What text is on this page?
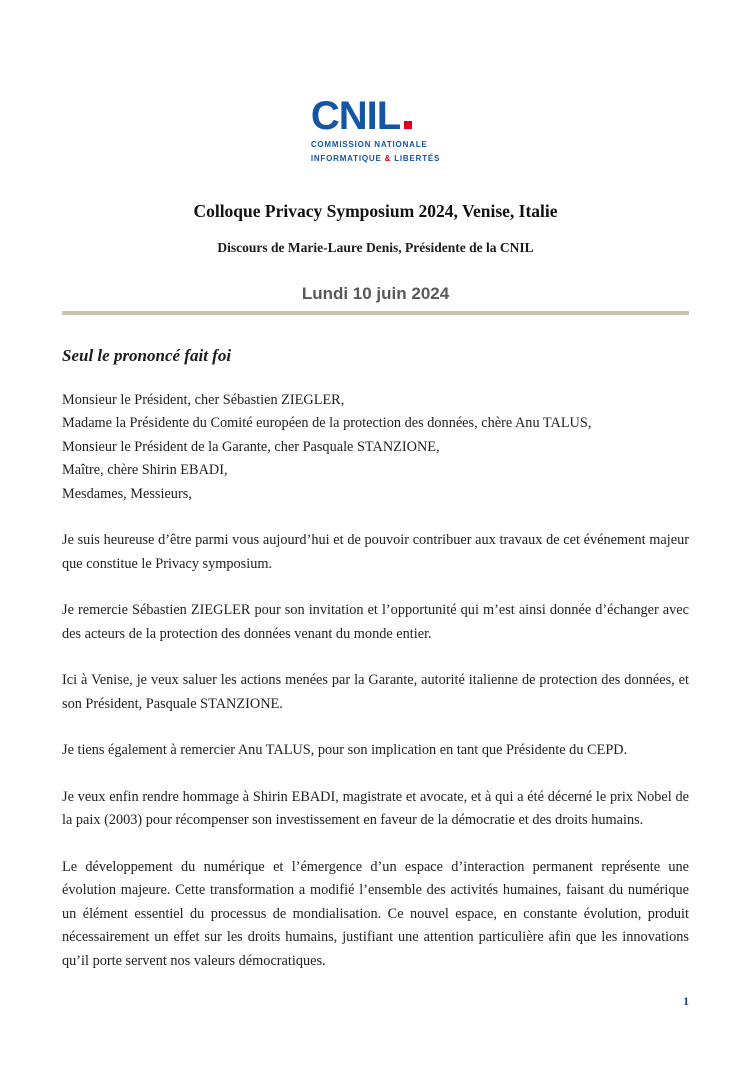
CNIL
COMMISSION NATIONALE
INFORMATIQUE & LIBERTÉS
Colloque Privacy Symposium 2024, Venise, Italie
Discours de Marie-Laure Denis, Présidente de la CNIL
Lundi 10 juin 2024
Seul le prononcé fait foi
Monsieur le Président, cher Sébastien ZIEGLER,
Madame la Présidente du Comité européen de la protection des données, chère Anu TALUS,
Monsieur le Président de la Garante, cher Pasquale STANZIONE,
Maître, chère Shirin EBADI,
Mesdames, Messieurs,

Je suis heureuse d’être parmi vous aujourd’hui et de pouvoir contribuer aux travaux de cet événement majeur que constitue le Privacy symposium.

Je remercie Sébastien ZIEGLER pour son invitation et l’opportunité qui m’est ainsi donnée d’échanger avec des acteurs de la protection des données venant du monde entier.

Ici à Venise, je veux saluer les actions menées par la Garante, autorité italienne de protection des données, et son Président, Pasquale STANZIONE.

Je tiens également à remercier Anu TALUS, pour son implication en tant que Présidente du CEPD.

Je veux enfin rendre hommage à Shirin EBADI, magistrate et avocate, et à qui a été décerné le prix Nobel de la paix (2003) pour récompenser son investissement en faveur de la démocratie et des droits humains.

Le développement du numérique et l’émergence d’un espace d’interaction permanent représente une évolution majeure. Cette transformation a modifié l’ensemble des activités humaines, faisant du numérique un élément essentiel du processus de mondialisation. Ce nouvel espace, en constante évolution, produit nécessairement un effet sur les droits humains, justifiant une attention particulière afin que les innovations qu’il porte servent nos valeurs démocratiques.

1
